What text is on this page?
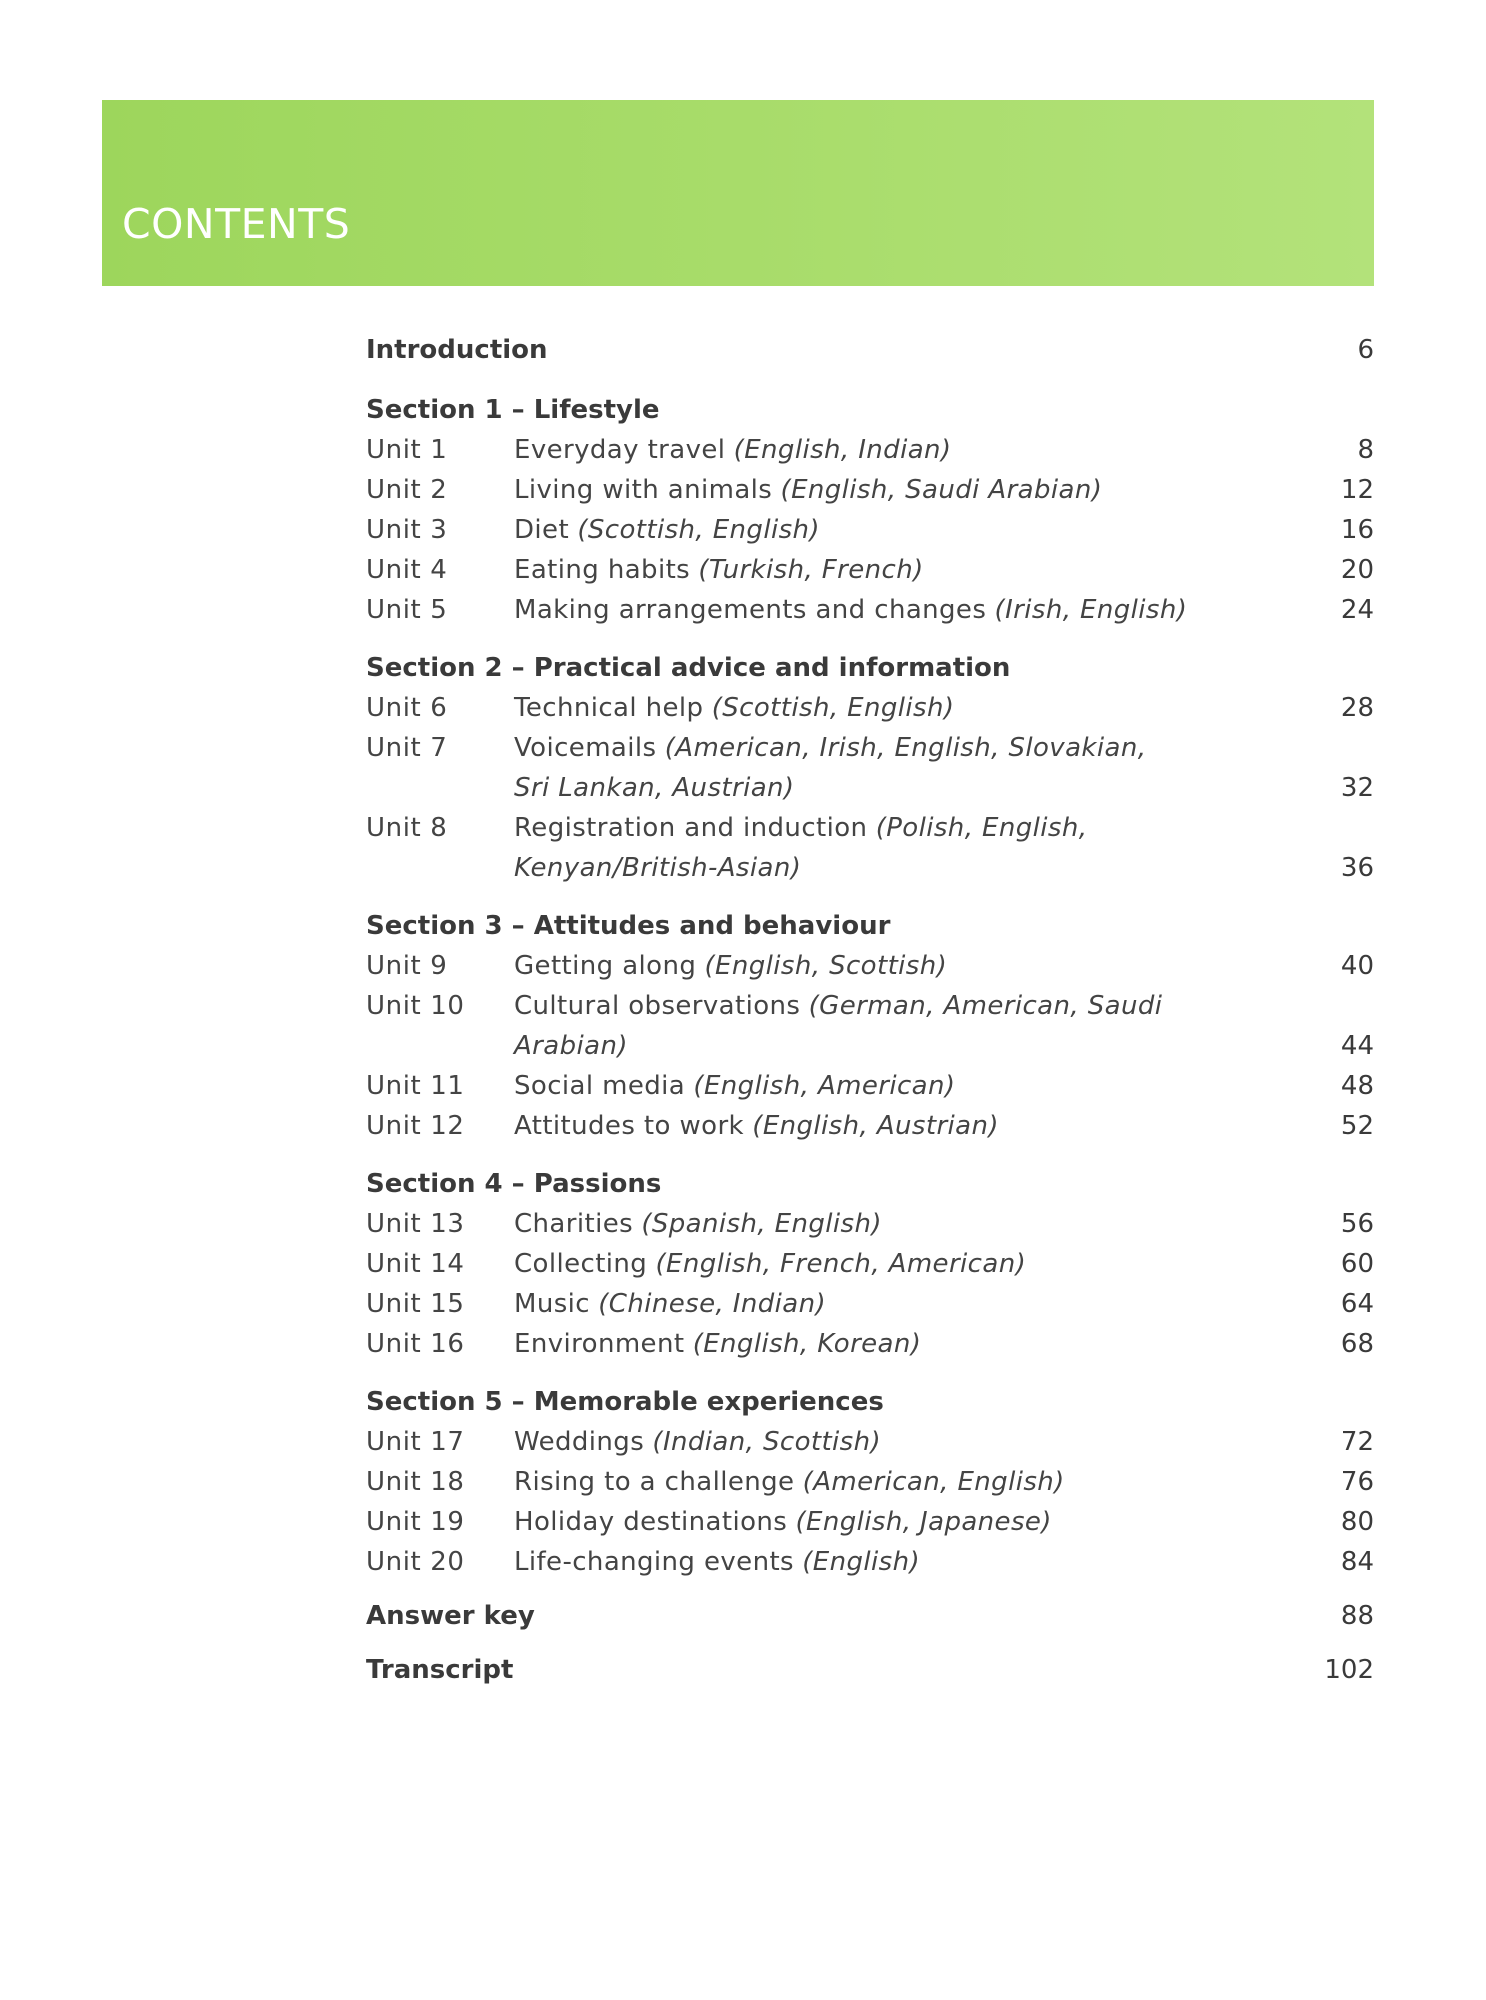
CONTENTS
Introduction	6
Section 1 – Lifestyle
Unit 1	Everyday travel (English, Indian)	8
Unit 2	Living with animals (English, Saudi Arabian)	12
Unit 3	Diet (Scottish, English)	16
Unit 4	Eating habits (Turkish, French)	20
Unit 5	Making arrangements and changes (Irish, English)	24
Section 2 – Practical advice and information
Unit 6	Technical help (Scottish, English)	28
Unit 7	Voicemails (American, Irish, English, Slovakian,
Sri Lankan, Austrian)	32
Unit 8	Registration and induction (Polish, English,
Kenyan/British-Asian)	36
Section 3 – Attitudes and behaviour
Unit 9	Getting along (English, Scottish)	40
Unit 10	Cultural observations (German, American, Saudi Arabian)	44
Unit 11	Social media (English, American)	48
Unit 12	Attitudes to work (English, Austrian)	52
Section 4 – Passions
Unit 13	Charities (Spanish, English)	56
Unit 14	Collecting (English, French, American)	60
Unit 15	Music (Chinese, Indian)	64
Unit 16	Environment (English, Korean)	68
Section 5 – Memorable experiences
Unit 17	Weddings (Indian, Scottish)	72
Unit 18	Rising to a challenge (American, English)	76
Unit 19	Holiday destinations (English, Japanese)	80
Unit 20	Life-changing events (English)	84
Answer key	88
Transcript	102
